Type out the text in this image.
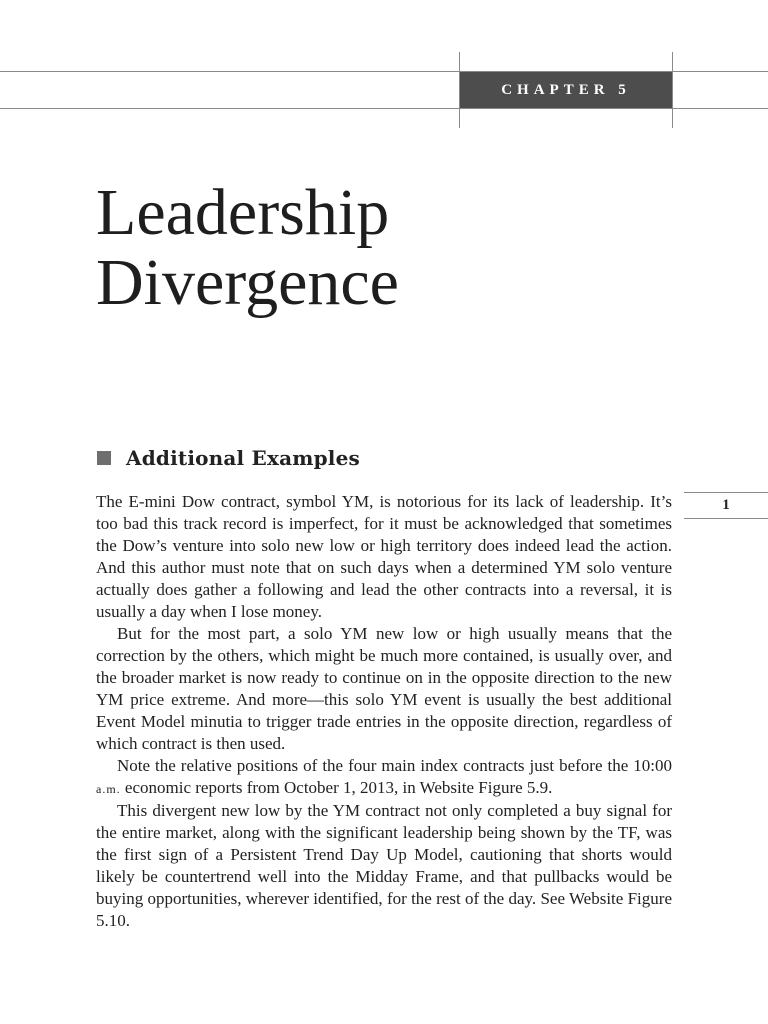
CHAPTER 5
Leadership
Divergence
Additional Examples
1

The E-mini Dow contract, symbol YM, is notorious for its lack of leadership. It’s too bad this track record is imperfect, for it must be acknowledged that sometimes the Dow’s venture into solo new low or high territory does indeed lead the action. And this author must note that on such days when a determined YM solo venture actually does gather a following and lead the other contracts into a reversal, it is usually a day when I lose money.

But for the most part, a solo YM new low or high usually means that the correction by the others, which might be much more contained, is usually over, and the broader market is now ready to continue on in the opposite direction to the new YM price extreme. And more—this solo YM event is usually the best additional Event Model minutia to trigger trade entries in the opposite direction, regardless of which contract is then used.

Note the relative positions of the four main index contracts just before the 10:00 a.m. economic reports from October 1, 2013, in Website Figure 5.9.

This divergent new low by the YM contract not only completed a buy signal for the entire market, along with the significant leadership being shown by the TF, was the first sign of a Persistent Trend Day Up Model, cautioning that shorts would likely be countertrend well into the Midday Frame, and that pullbacks would be buying opportunities, wherever identified, for the rest of the day. See Website Figure 5.10.
